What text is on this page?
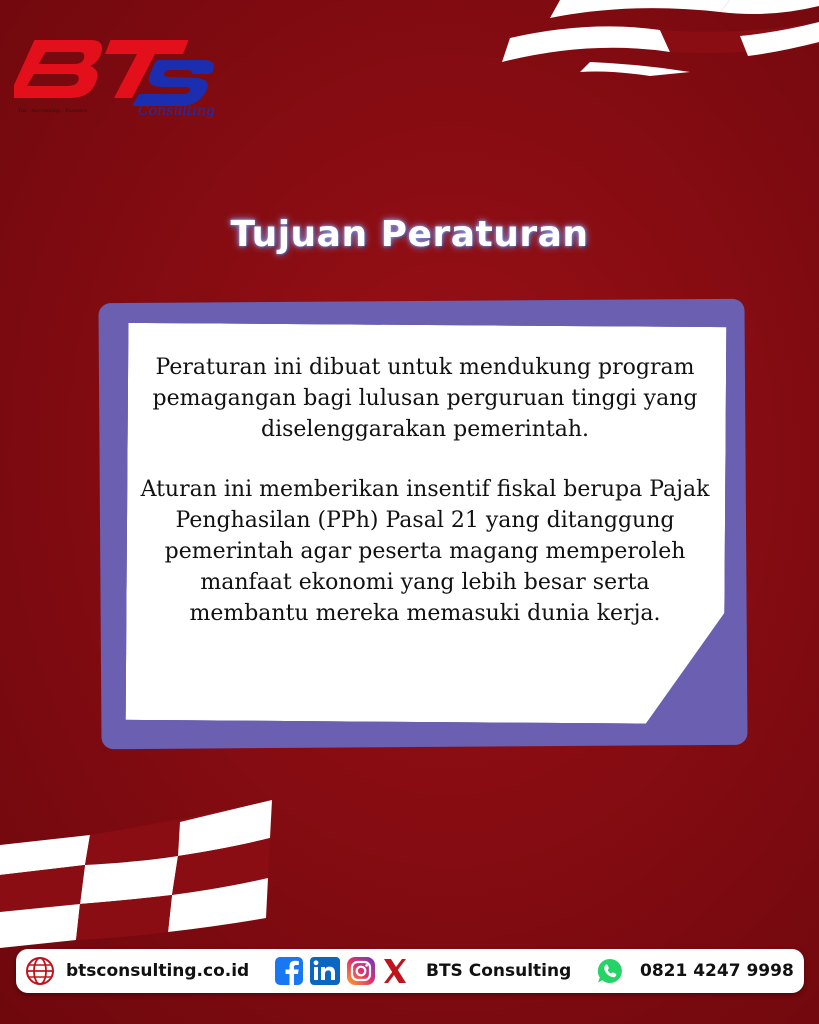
Tax · Accounting · Business	Consulting
Tujuan Peraturan

Peraturan ini dibuat untuk mendukung program pemagangan bagi lulusan perguruan tinggi yang diselenggarakan pemerintah.

Aturan ini memberikan insentif fiskal berupa Pajak Penghasilan (PPh) Pasal 21 yang ditanggung pemerintah agar peserta magang memperoleh manfaat ekonomi yang lebih besar serta membantu mereka memasuki dunia kerja.

btsconsulting.co.id	BTS Consulting	0821 4247 9998
